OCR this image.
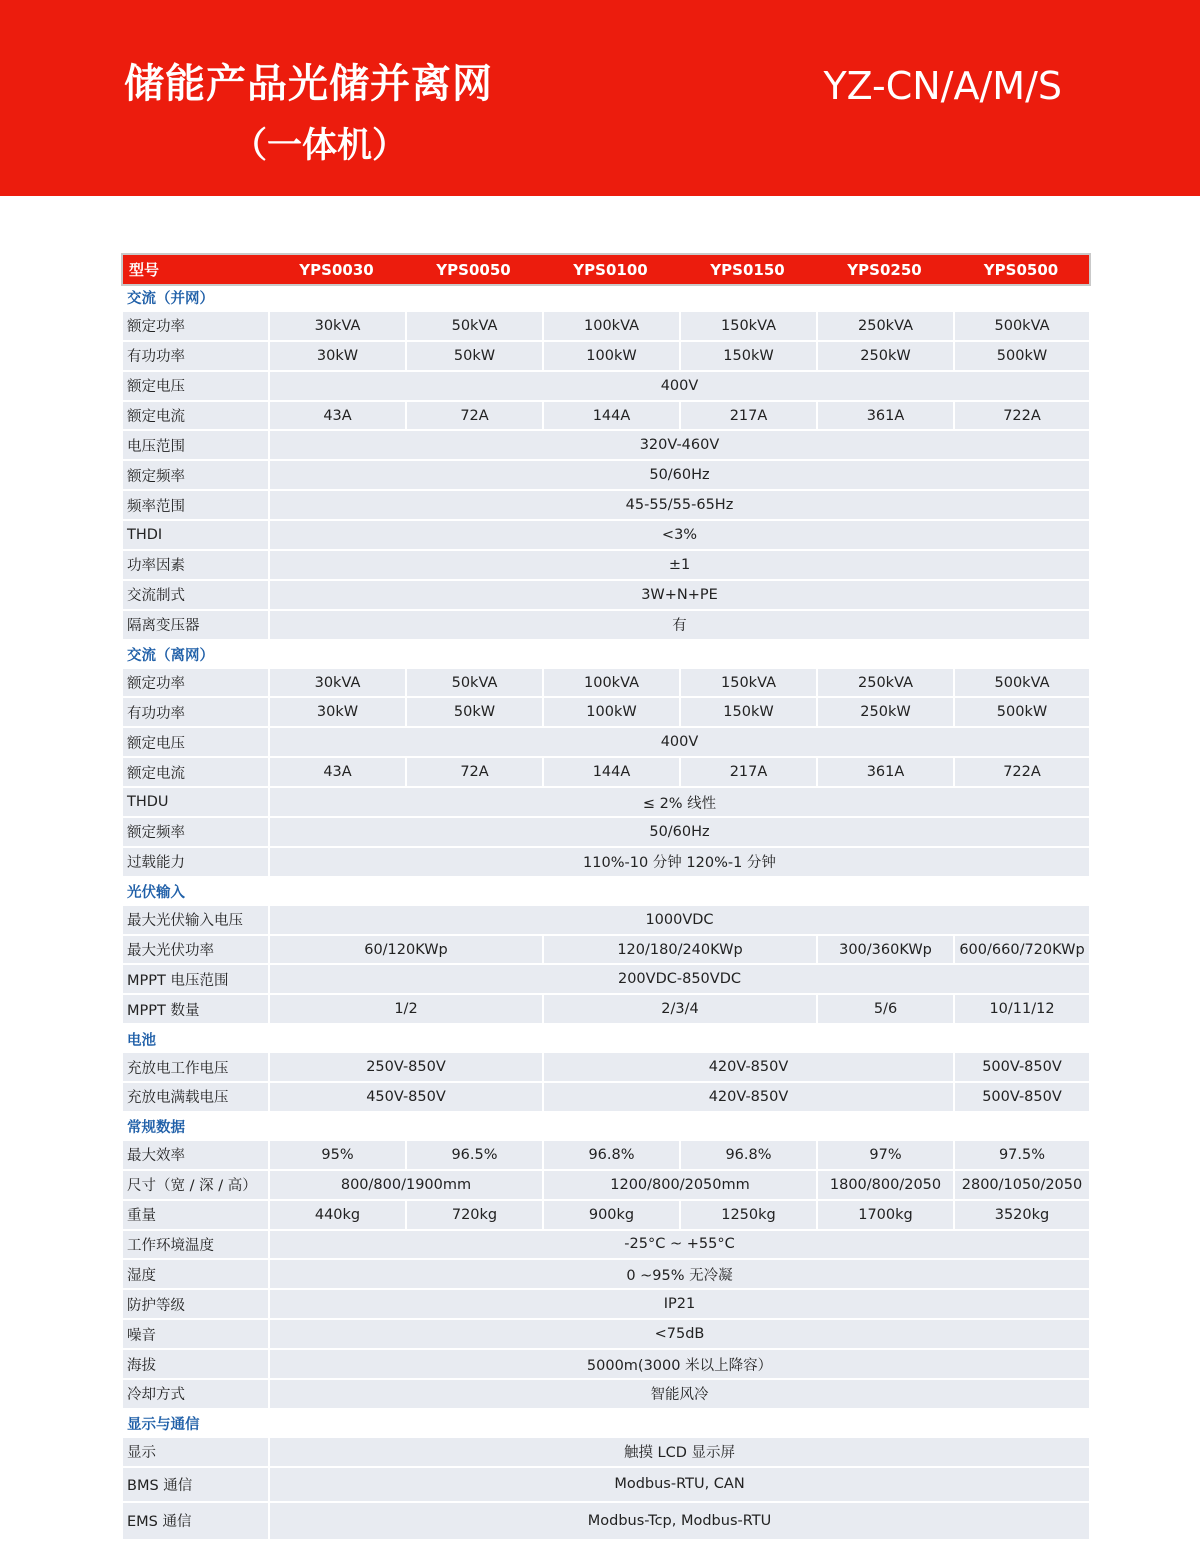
储能产品光储并离网
（一体机）
YZ-CN/A/M/S
型号	YPS0030	YPS0050	YPS0100	YPS0150	YPS0250	YPS0500
交流（并网）						
额定功率	30kVA	50kVA	100kVA	150kVA	250kVA	500kVA
有功功率	30kW	50kW	100kW	150kW	250kW	500kW
额定电压	400V					
额定电流	43A	72A	144A	217A	361A	722A
电压范围	320V-460V					
额定频率	50/60Hz					
频率范围	45-55/55-65Hz					
THDI	<3%					
功率因素	±1					
交流制式	3W+N+PE					
隔离变压器	有					
交流（离网）						
额定功率	30kVA	50kVA	100kVA	150kVA	250kVA	500kVA
有功功率	30kW	50kW	100kW	150kW	250kW	500kW
额定电压	400V					
额定电流	43A	72A	144A	217A	361A	722A
THDU	≤ 2% 线性					
额定频率	50/60Hz					
过载能力	110%-10 分钟 120%-1 分钟					
光伏输入						
最大光伏输入电压	1000VDC					
最大光伏功率	60/120KWp		120/180/240KWp		300/360KWp	600/660/720KWp
MPPT 电压范围	200VDC-850VDC					
MPPT 数量	1/2		2/3/4		5/6	10/11/12
电池						
充放电工作电压	250V-850V		420V-850V			500V-850V
充放电满载电压	450V-850V		420V-850V			500V-850V
常规数据						
最大效率	95%	96.5%	96.8%	96.8%	97%	97.5%
尺寸（宽 / 深 / 高）	800/800/1900mm		1200/800/2050mm		1800/800/2050	2800/1050/2050
重量	440kg	720kg	900kg	1250kg	1700kg	3520kg
工作环境温度	-25°C ~ +55°C					
湿度	0 ~95% 无冷凝					
防护等级	IP21					
噪音	<75dB					
海拔	5000m(3000 米以上降容）					
冷却方式	智能风冷					
显示与通信						
显示	触摸 LCD 显示屏					
BMS 通信	Modbus-RTU, CAN					
EMS 通信	Modbus-Tcp, Modbus-RTU					
